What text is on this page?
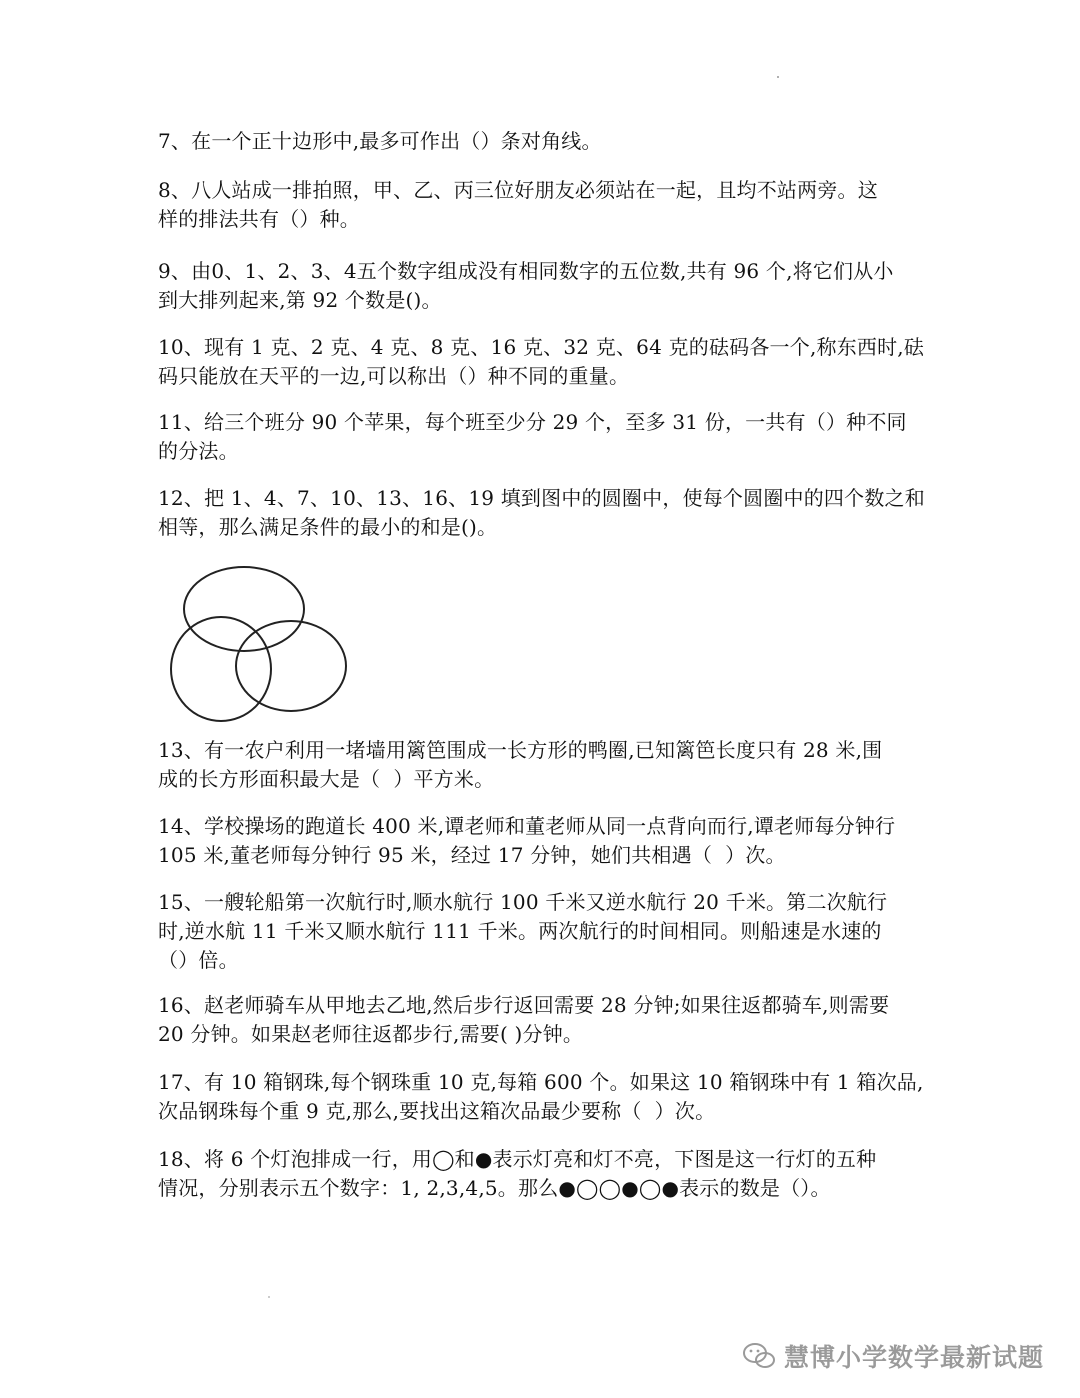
7、在一个正十边形中,最多可作出（）条对角线。

8、八人站成一排拍照，甲、乙、丙三位好朋友必须站在一起，且均不站两旁。这

样的排法共有（）种。

9、由0、1、2、3、4五个数字组成没有相同数字的五位数,共有 96 个,将它们从小

到大排列起来,第 92 个数是()。

10、现有 1 克、2 克、4 克、8 克、16 克、32 克、64 克的砝码各一个,称东西时,砝

码只能放在天平的一边,可以称出（）种不同的重量。

11、给三个班分 90 个苹果，每个班至少分 29 个，至多 31 份，一共有（）种不同

的分法。

12、把 1、4、7、10、13、16、19 填到图中的圆圈中，使每个圆圈中的四个数之和

相等，那么满足条件的最小的和是()。

13、有一农户利用一堵墙用篱笆围成一长方形的鸭圈,已知篱笆长度只有 28 米,围

成的长方形面积最大是（  ）平方米。

14、学校操场的跑道长 400 米,谭老师和董老师从同一点背向而行,谭老师每分钟行

105 米,董老师每分钟行 95 米，经过 17 分钟，她们共相遇（  ）次。

15、一艘轮船第一次航行时,顺水航行 100 千米又逆水航行 20 千米。第二次航行

时,逆水航 11 千米又顺水航行 111 千米。两次航行的时间相同。则船速是水速的

（）倍。

16、赵老师骑车从甲地去乙地,然后步行返回需要 28 分钟;如果往返都骑车,则需要

20 分钟。如果赵老师往返都步行,需要( )分钟。

17、有 10 箱钢珠,每个钢珠重 10 克,每箱 600 个。如果这 10 箱钢珠中有 1 箱次品,

次品钢珠每个重 9 克,那么,要找出这箱次品最少要称（  ）次。

18、将 6 个灯泡排成一行，用◯和●表示灯亮和灯不亮，下图是这一行灯的五种

情况，分别表示五个数字：1, 2,3,4,5。那么●◯◯●◯●表示的数是（）。

慧博小学数学最新试题
